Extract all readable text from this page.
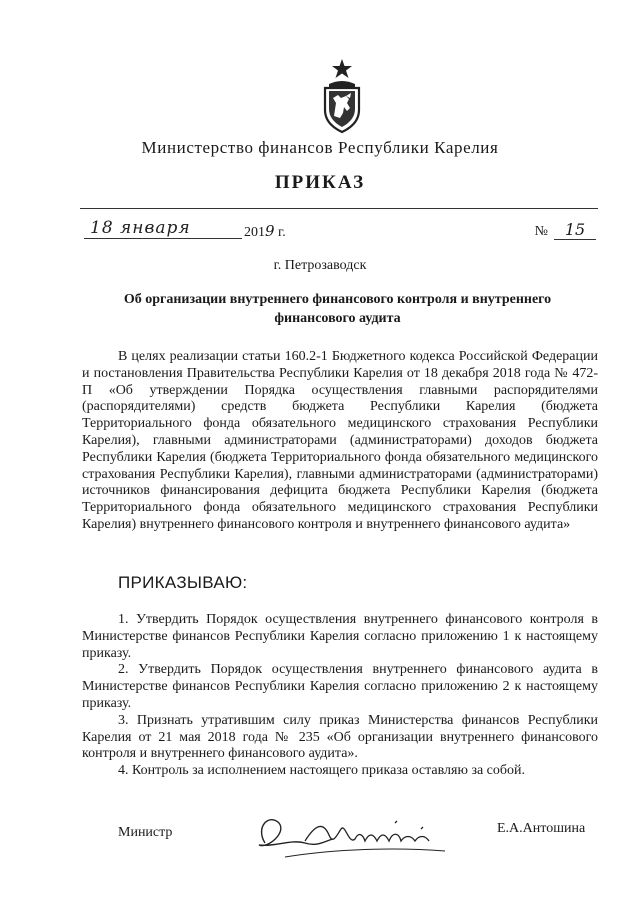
Министерство финансов Республики Карелия
ПРИКАЗ
18 января	2019 г.	№ 15
г. Петрозаводск
Об организации внутреннего финансового контроля и внутреннего финансового аудита
В целях реализации статьи 160.2-1 Бюджетного кодекса Российской Федерации и постановления Правительства Республики Карелия от 18 декабря 2018 года № 472-П «Об утверждении Порядка осуществления главными распорядителями (распорядителями) средств бюджета Республики Карелия (бюджета Территориального фонда обязательного медицинского страхования Республики Карелия), главными администраторами (администраторами) доходов бюджета Республики Карелия (бюджета Территориального фонда обязательного медицинского страхования Республики Карелия), главными администраторами (администраторами) источников финансирования дефицита бюджета Республики Карелия (бюджета Территориального фонда обязательного медицинского страхования Республики Карелия) внутреннего финансового контроля и внутреннего финансового аудита»
ПРИКАЗЫВАЮ:

1. Утвердить Порядок осуществления внутреннего финансового контроля в Министерстве финансов Республики Карелия согласно приложению 1 к настоящему приказу.

2. Утвердить Порядок осуществления внутреннего финансового аудита в Министерстве финансов Республики Карелия согласно приложению 2 к настоящему приказу.

3. Признать утратившим силу приказ Министерства финансов Республики Карелия от 21 мая 2018 года № 235 «Об организации внутреннего финансового контроля и внутреннего финансового аудита».

4. Контроль за исполнением настоящего приказа оставляю за собой.

Министр	Е.А.Антошина
